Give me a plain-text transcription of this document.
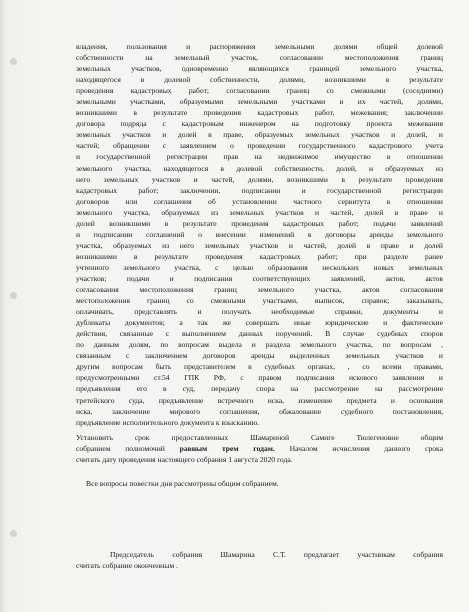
владения, пользования и распоряжения земельными долями общей долевой
собственности на земельный участок, согласовании местоположения границ
земельных участков, одновременно являющихся границей земельного участка,
находящегося в долевой собственности, долями, возникшими в результате
проведения кадастровых работ; согласовании границ со смежными (соседними)
земельными участками, образуемыми земельными участками и их частей, долями,
возникшими в результате проведения кадастровых работ, межевания; заключении
договора подряда с кадастровым инженером на подготовку проекта межевания
земельных участков и долей в праве, образуемых земельных участков и долей, и
частей; обращении с заявлением о проведении государственного кадастрового учета
и государственной регистрации прав на недвижимое имущество в отношении
земельного участка, находящегося в долевой собственности, долей, и образуемых из
него земельных участков и частей, долями, возникшими в результате проведения
кадастровых работ; заключении, подписании и государственной регистрации
договоров или соглашения об установлении частного сервитута в отношении
земельного участка, образуемых из земельных участков и частей, долей в праве и
долей возникшими в результате проведения кадастровых работ; подачи заявлений
и подписании соглашений о внесении изменений в договоры аренды земельного
участка, образуемых из него земельных участков и частей, долей в праве и долей
возникшими в результате проведения кадастровых работ; при разделе ранее
учтенного земельного участка, с целью образования нескольких новых земельных
участков; подачи и подписания соответствующих заявлений, актов, актов
согласования местоположения границ земельного участка, актов согласования
местоположения границ со смежными участками, выписок, справок; заказывать,
оплачивать, представлять и получать необходимые справки, документы и
дубликаты документов; а так же совершать иные юридические и фактические
действия, связанные с выполнением данных поручений. В случае судебных споров
по данным долям, по вопросам выдела и раздела земельного участка, по вопросам ,
связанным с заключением договоров аренды выделенных земельных участков и
другим вопросам быть представителем в судебных органах, , со всеми правами,
предусмотренными ст.54 ГПК РФ, с правом подписания искового заявления и
предъявления его в суд, передачу спора на рассмотрение на рассмотрение
третейского суда, предъявление встречного иска, изменение предмета и основания
иска, заключение мирового соглашения, обжалование судебного постановления,
предъявление исполнительного документа к взысканию.
Установить срок предоставленных Шамариной Самиге Тюлегеновне общим
собранием полномочий равным трем годам. Началом исчисления данного срока
считать дату проведения настоящего собрания 1 августа 2020 года.
Все вопросы повестки дня рассмотрены общим собранием.
Председатель собрания Шамарина С.Т. предлагает участникам собрания
считать собрание оконченным .
